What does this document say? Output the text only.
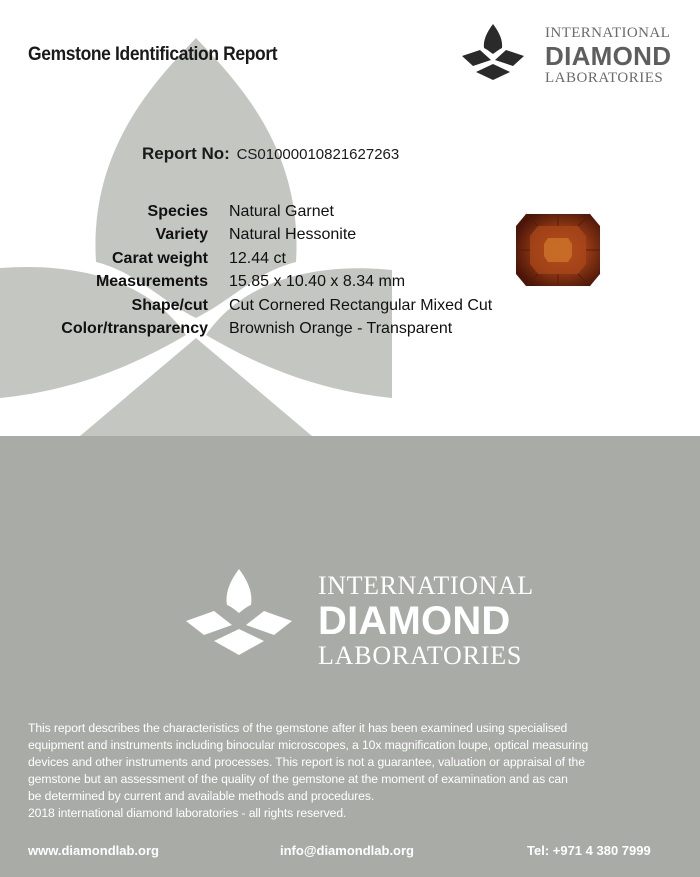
Gemstone Identification Report
INTERNATIONAL
DIAMOND
LABORATORIES
Report No: CS01000010821627263
Species Natural Garnet
Variety Natural Hessonite
Carat weight 12.44 ct
Measurements 15.85 x 10.40 x 8.34 mm
Shape/cut Cut Cornered Rectangular Mixed Cut
Color/transparency Brownish Orange - Transparent
INTERNATIONAL
DIAMOND
LABORATORIES
This report describes the characteristics of the gemstone after it has been examined using specialised
equipment and instruments including binocular microscopes, a 10x magnification loupe, optical measuring
devices and other instruments and processes. This report is not a guarantee, valuation or appraisal of the
gemstone but an assessment of the quality of the gemstone at the moment of examination and as can
be determined by current and available methods and procedures.
2018 international diamond laboratories - all rights reserved.
www.diamondlab.org	info@diamondlab.org	Tel: +971 4 380 7999
